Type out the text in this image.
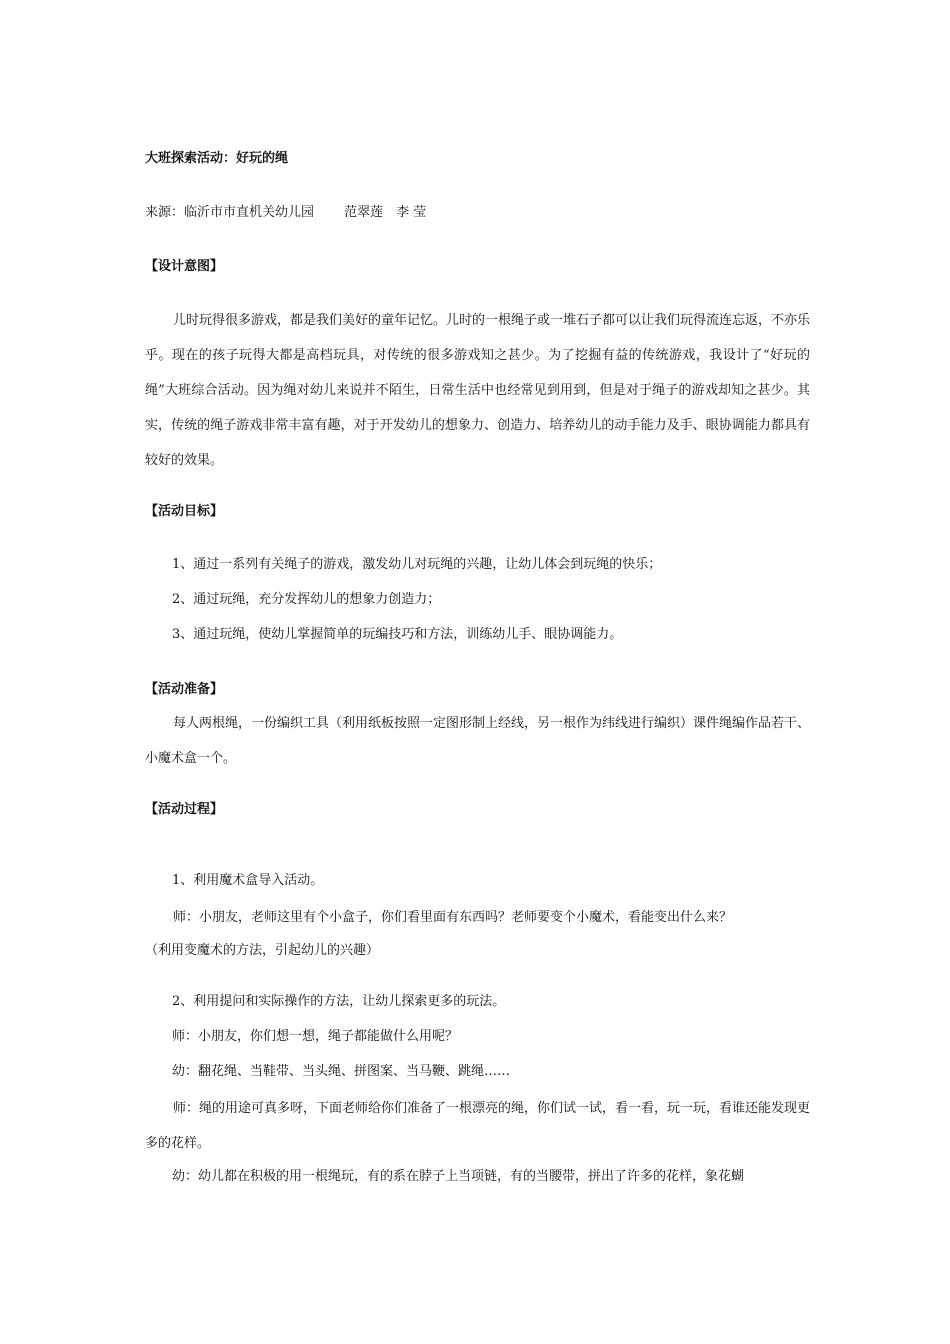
大班探索活动：好玩的绳
来源：临沂市市直机关幼儿园　　 范翠莲　李 莹
【设计意图】
儿时玩得很多游戏，都是我们美好的童年记忆。儿时的一根绳子或一堆石子都可以让我们玩得流连忘返，不亦乐乎。现在的孩子玩得大都是高档玩具，对传统的很多游戏知之甚少。为了挖掘有益的传统游戏，我设计了“好玩的绳”大班综合活动。因为绳对幼儿来说并不陌生，日常生活中也经常见到用到，但是对于绳子的游戏却知之甚少。其实，传统的绳子游戏非常丰富有趣，对于开发幼儿的想象力、创造力、培养幼儿的动手能力及手、眼协调能力都具有较好的效果。
【活动目标】
1、通过一系列有关绳子的游戏，激发幼儿对玩绳的兴趣，让幼儿体会到玩绳的快乐；
2、通过玩绳，充分发挥幼儿的想象力创造力；
3、通过玩绳，使幼儿掌握简单的玩编技巧和方法，训练幼儿手、眼协调能力。
【活动准备】
每人两根绳，一份编织工具（利用纸板按照一定图形制上经线，另一根作为纬线进行编织）课件绳编作品若干、小魔术盒一个。
【活动过程】
1、利用魔术盒导入活动。
师：小朋友，老师这里有个小盒子，你们看里面有东西吗？老师要变个小魔术，看能变出什么来？
（利用变魔术的方法，引起幼儿的兴趣）
2、利用提问和实际操作的方法，让幼儿探索更多的玩法。
师：小朋友，你们想一想，绳子都能做什么用呢？
幼：翻花绳、当鞋带、当头绳、拼图案、当马鞭、跳绳……
师：绳的用途可真多呀，下面老师给你们准备了一根漂亮的绳，你们试一试，看一看，玩一玩，看谁还能发现更多的花样。
幼：幼儿都在积极的用一根绳玩，有的系在脖子上当项链，有的当腰带，拼出了许多的花样，象花蝴
